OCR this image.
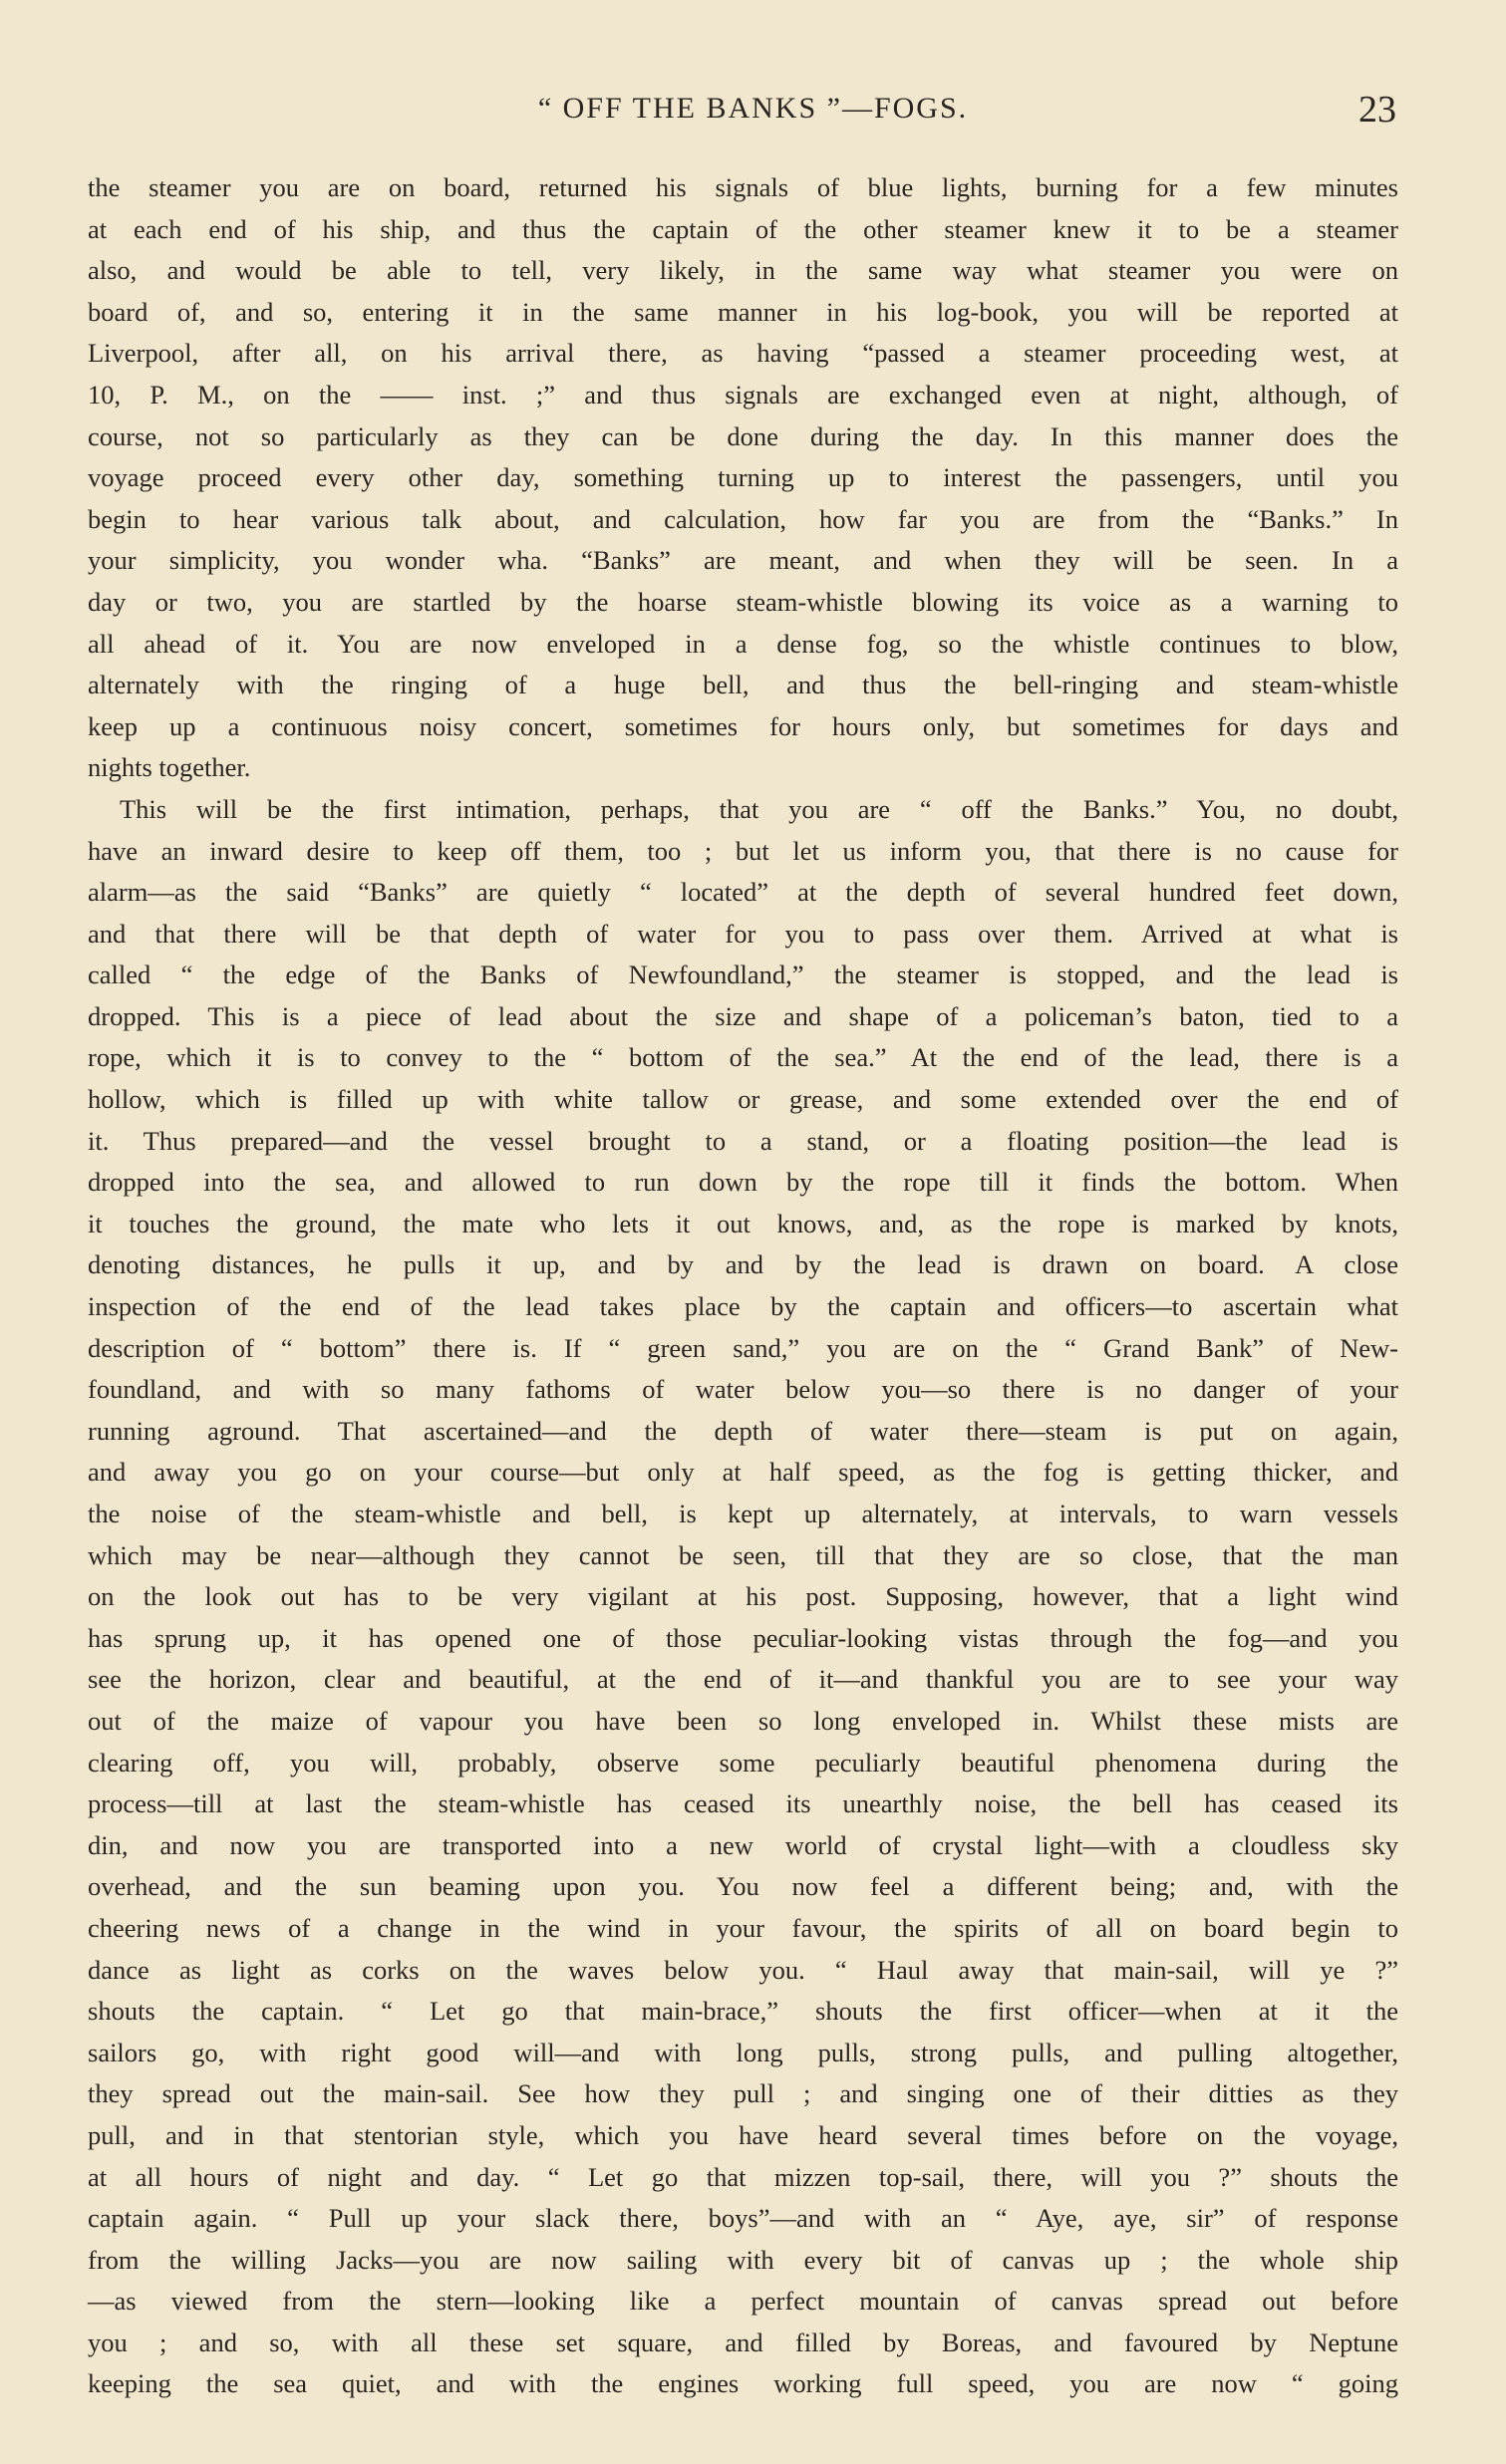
“ OFF THE BANKS ”—FOGS.	23
the steamer you are on board, returned his signals of blue lights, burning for a few minutes
at each end of his ship, and thus the captain of the other steamer knew it to be a steamer
also, and would be able to tell, very likely, in the same way what steamer you were on
board of, and so, entering it in the same manner in his log-book, you will be reported at
Liverpool, after all, on his arrival there, as having “passed a steamer proceeding west, at
10, P. M., on the —— inst. ;” and thus signals are exchanged even at night, although, of
course, not so particularly as they can be done during the day. In this manner does the
voyage proceed every other day, something turning up to interest the passengers, until you
begin to hear various talk about, and calculation, how far you are from the “Banks.” In
your simplicity, you wonder wha. “Banks” are meant, and when they will be seen. In a
day or two, you are startled by the hoarse steam-whistle blowing its voice as a warning to
all ahead of it. You are now enveloped in a dense fog, so the whistle continues to blow,
alternately with the ringing of a huge bell, and thus the bell-ringing and steam-whistle
keep up a continuous noisy concert, sometimes for hours only, but sometimes for days and
nights together.
This will be the first intimation, perhaps, that you are “ off the Banks.” You, no doubt,
have an inward desire to keep off them, too ; but let us inform you, that there is no cause for
alarm—as the said “Banks” are quietly “ located” at the depth of several hundred feet down,
and that there will be that depth of water for you to pass over them. Arrived at what is
called “ the edge of the Banks of Newfoundland,” the steamer is stopped, and the lead is
dropped. This is a piece of lead about the size and shape of a policeman’s baton, tied to a
rope, which it is to convey to the “ bottom of the sea.” At the end of the lead, there is a
hollow, which is filled up with white tallow or grease, and some extended over the end of
it. Thus prepared—and the vessel brought to a stand, or a floating position—the lead is
dropped into the sea, and allowed to run down by the rope till it finds the bottom. When
it touches the ground, the mate who lets it out knows, and, as the rope is marked by knots,
denoting distances, he pulls it up, and by and by the lead is drawn on board. A close
inspection of the end of the lead takes place by the captain and officers—to ascertain what
description of “ bottom” there is. If “ green sand,” you are on the “ Grand Bank” of New-
foundland, and with so many fathoms of water below you—so there is no danger of your
running aground. That ascertained—and the depth of water there—steam is put on again,
and away you go on your course—but only at half speed, as the fog is getting thicker, and
the noise of the steam-whistle and bell, is kept up alternately, at intervals, to warn vessels
which may be near—although they cannot be seen, till that they are so close, that the man
on the look out has to be very vigilant at his post. Supposing, however, that a light wind
has sprung up, it has opened one of those peculiar-looking vistas through the fog—and you
see the horizon, clear and beautiful, at the end of it—and thankful you are to see your way
out of the maize of vapour you have been so long enveloped in. Whilst these mists are
clearing off, you will, probably, observe some peculiarly beautiful phenomena during the
process—till at last the steam-whistle has ceased its unearthly noise, the bell has ceased its
din, and now you are transported into a new world of crystal light—with a cloudless sky
overhead, and the sun beaming upon you. You now feel a different being; and, with the
cheering news of a change in the wind in your favour, the spirits of all on board begin to
dance as light as corks on the waves below you. “ Haul away that main-sail, will ye ?”
shouts the captain. “ Let go that main-brace,” shouts the first officer—when at it the
sailors go, with right good will—and with long pulls, strong pulls, and pulling altogether,
they spread out the main-sail. See how they pull ; and singing one of their ditties as they
pull, and in that stentorian style, which you have heard several times before on the voyage,
at all hours of night and day. “ Let go that mizzen top-sail, there, will you ?” shouts the
captain again. “ Pull up your slack there, boys”—and with an “ Aye, aye, sir” of response
from the willing Jacks—you are now sailing with every bit of canvas up ; the whole ship
—as viewed from the stern—looking like a perfect mountain of canvas spread out before
you ; and so, with all these set square, and filled by Boreas, and favoured by Neptune
keeping the sea quiet, and with the engines working full speed, you are now “ going
